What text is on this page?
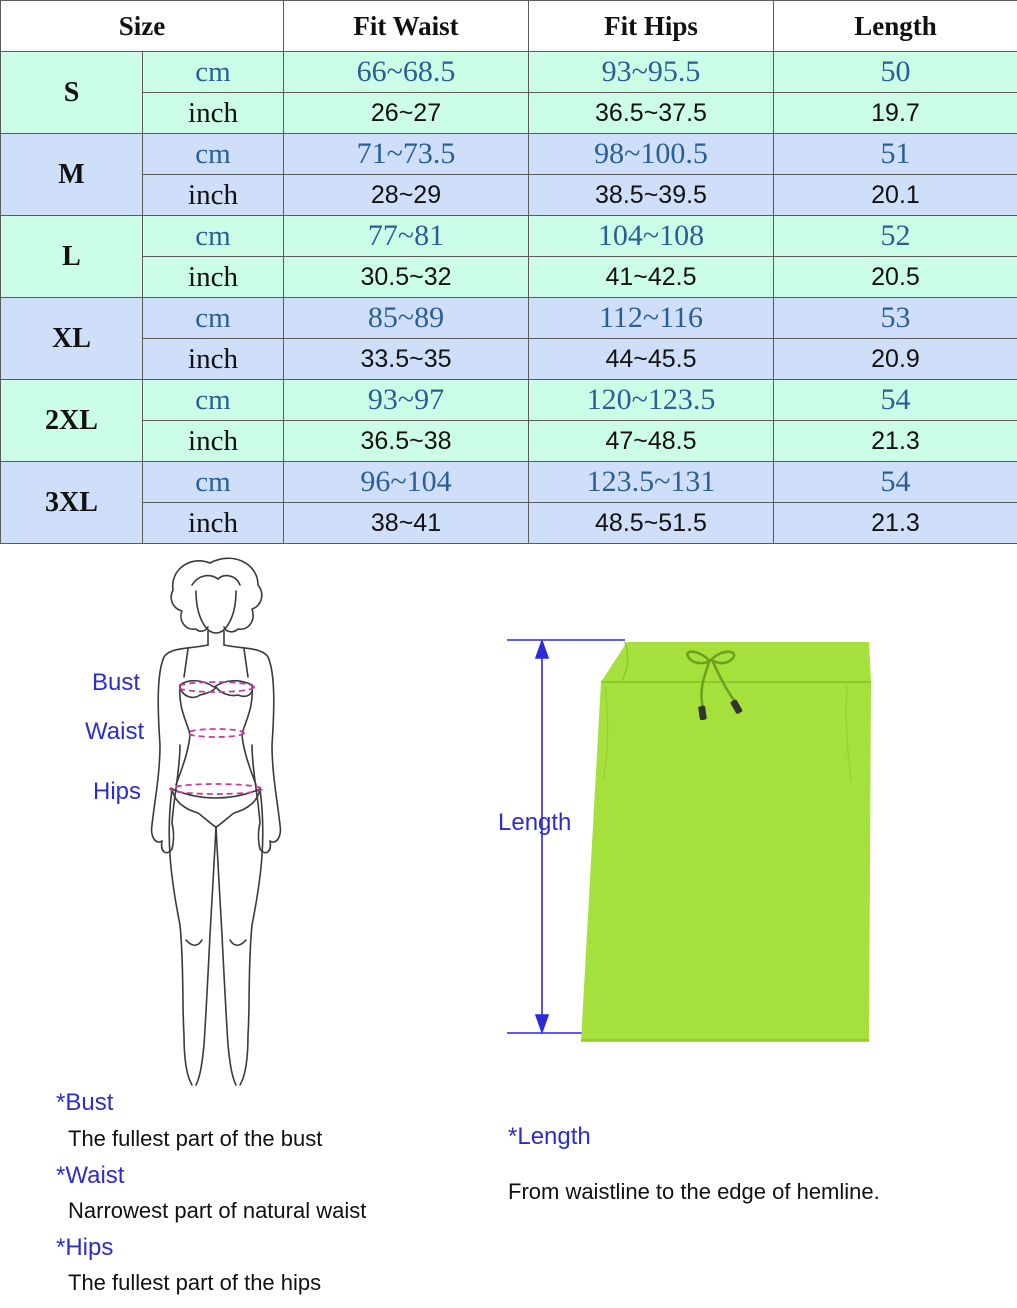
Size		Fit Waist	Fit Hips	Length
S	cm	66~68.5	93~95.5	50
	inch	26~27	36.5~37.5	19.7
M	cm	71~73.5	98~100.5	51
	inch	28~29	38.5~39.5	20.1
L	cm	77~81	104~108	52
	inch	30.5~32	41~42.5	20.5
XL	cm	85~89	112~116	53
	inch	33.5~35	44~45.5	20.9
2XL	cm	93~97	120~123.5	54
	inch	36.5~38	47~48.5	21.3
3XL	cm	96~104	123.5~131	54
	inch	38~41	48.5~51.5	21.3
Bust
Waist
Hips
Length
*Bust
The fullest part of the bust
*Waist
Narrowest part of natural waist
*Hips
The fullest part of the hips
*Length
From waistline to the edge of hemline.
